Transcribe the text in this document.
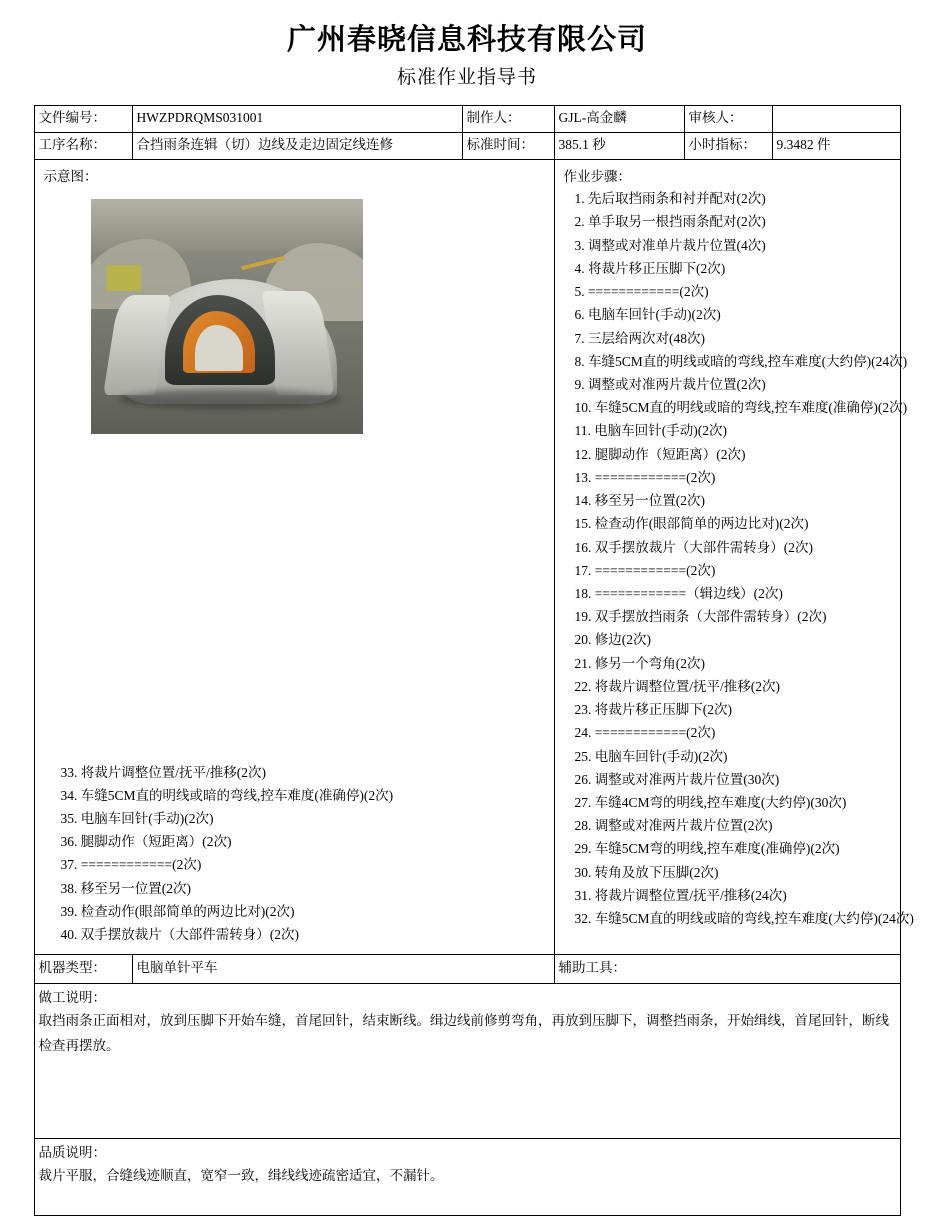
广州春晓信息科技有限公司
标准作业指导书
文件编号：	HWZPDRQMS031001	制作人：	GJL-高金麟	审核人：	
工序名称：	合挡雨条连辑（切）边线及走边固定线连修	标准时间：	385.1 秒	小时指标：	9.3482 件

示意图：
33. 将裁片调整位置/抚平/推移(2次)
34. 车缝5CM直的明线或暗的弯线,控车难度(准确停)(2次)
35. 电脑车回针(手动)(2次)
36. 腿脚动作（短距离）(2次)
37. ============(2次)
38. 移至另一位置(2次)
39. 检查动作(眼部简单的两边比对)(2次)
40. 双手摆放裁片（大部件需转身）(2次)

作业步骤：
1. 先后取挡雨条和衬并配对(2次)
2. 单手取另一根挡雨条配对(2次)
3. 调整或对准单片裁片位置(4次)
4. 将裁片移正压脚下(2次)
5. ============(2次)
6. 电脑车回针(手动)(2次)
7. 三层给两次对(48次)
8. 车缝5CM直的明线或暗的弯线,控车难度(大约停)(24次)
9. 调整或对准两片裁片位置(2次)
10. 车缝5CM直的明线或暗的弯线,控车难度(准确停)(2次)
11. 电脑车回针(手动)(2次)
12. 腿脚动作（短距离）(2次)
13. ============(2次)
14. 移至另一位置(2次)
15. 检查动作(眼部简单的两边比对)(2次)
16. 双手摆放裁片（大部件需转身）(2次)
17. ============(2次)
18. ============（辑边线）(2次)
19. 双手摆放挡雨条（大部件需转身）(2次)
20. 修边(2次)
21. 修另一个弯角(2次)
22. 将裁片调整位置/抚平/推移(2次)
23. 将裁片移正压脚下(2次)
24. ============(2次)
25. 电脑车回针(手动)(2次)
26. 调整或对准两片裁片位置(30次)
27. 车缝4CM弯的明线,控车难度(大约停)(30次)
28. 调整或对准两片裁片位置(2次)
29. 车缝5CM弯的明线,控车难度(准确停)(2次)
30. 转角及放下压脚(2次)
31. 将裁片调整位置/抚平/推移(24次)
32. 车缝5CM直的明线或暗的弯线,控车难度(大约停)(24次)

机器类型：	电脑单针平车		辅助工具：		

做工说明：
取挡雨条正面相对，放到压脚下开始车缝，首尾回针，结束断线。缉边线前修剪弯角，再放到压脚下，调整挡雨条，开始缉线，首尾回针，断线检查再摆放。					

品质说明：
裁片平服，合缝线迹顺直，宽窄一致，缉线线迹疏密适宜，不漏针。					
